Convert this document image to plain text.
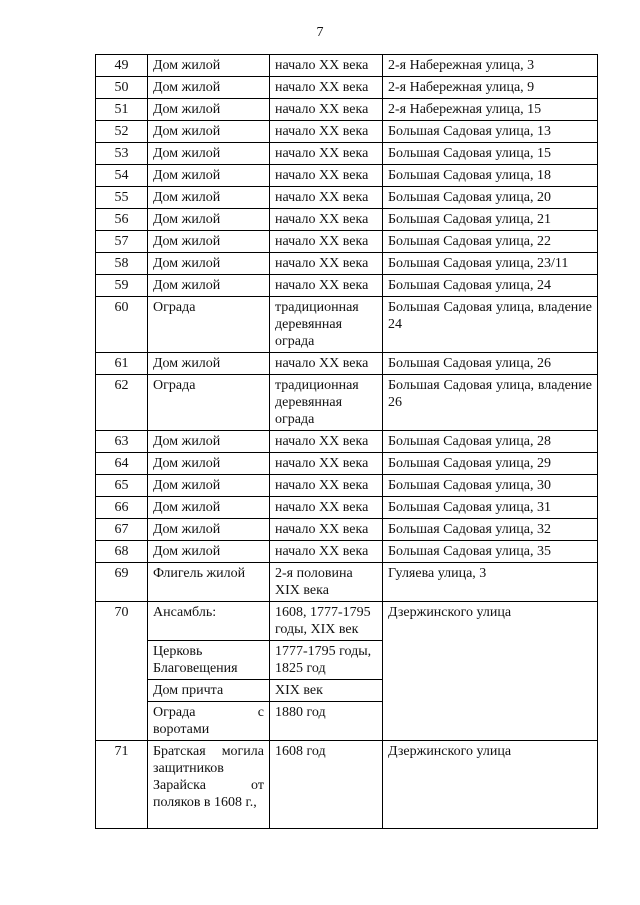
7
49	Дом жилой	начало XX века	2-я Набережная улица, 3
50	Дом жилой	начало XX века	2-я Набережная улица, 9
51	Дом жилой	начало XX века	2-я Набережная улица, 15
52	Дом жилой	начало XX века	Большая Садовая улица, 13
53	Дом жилой	начало XX века	Большая Садовая улица, 15
54	Дом жилой	начало XX века	Большая Садовая улица, 18
55	Дом жилой	начало XX века	Большая Садовая улица, 20
56	Дом жилой	начало XX века	Большая Садовая улица, 21
57	Дом жилой	начало XX века	Большая Садовая улица, 22
58	Дом жилой	начало XX века	Большая Садовая улица, 23/11
59	Дом жилой	начало XX века	Большая Садовая улица, 24
60	Ограда	традиционная деревянная ограда	Большая Садовая улица, владение 24
61	Дом жилой	начало XX века	Большая Садовая улица, 26
62	Ограда	традиционная деревянная ограда	Большая Садовая улица, владение 26
63	Дом жилой	начало XX века	Большая Садовая улица, 28
64	Дом жилой	начало XX века	Большая Садовая улица, 29
65	Дом жилой	начало XX века	Большая Садовая улица, 30
66	Дом жилой	начало XX века	Большая Садовая улица, 31
67	Дом жилой	начало XX века	Большая Садовая улица, 32
68	Дом жилой	начало XX века	Большая Садовая улица, 35
69	Флигель жилой	2-я половина XIX века	Гуляева улица, 3
70	Ансамбль:	1608, 1777-1795 годы, XIX век	Дзержинского улица
	Церковь Благовещения	1777-1795 годы, 1825 год	
	Дом причта	XIX век	
	Ограда с воротами	1880 год	
71	Братская могила защитников Зарайска от поляков в 1608 г.,	1608 год	Дзержинского улица
